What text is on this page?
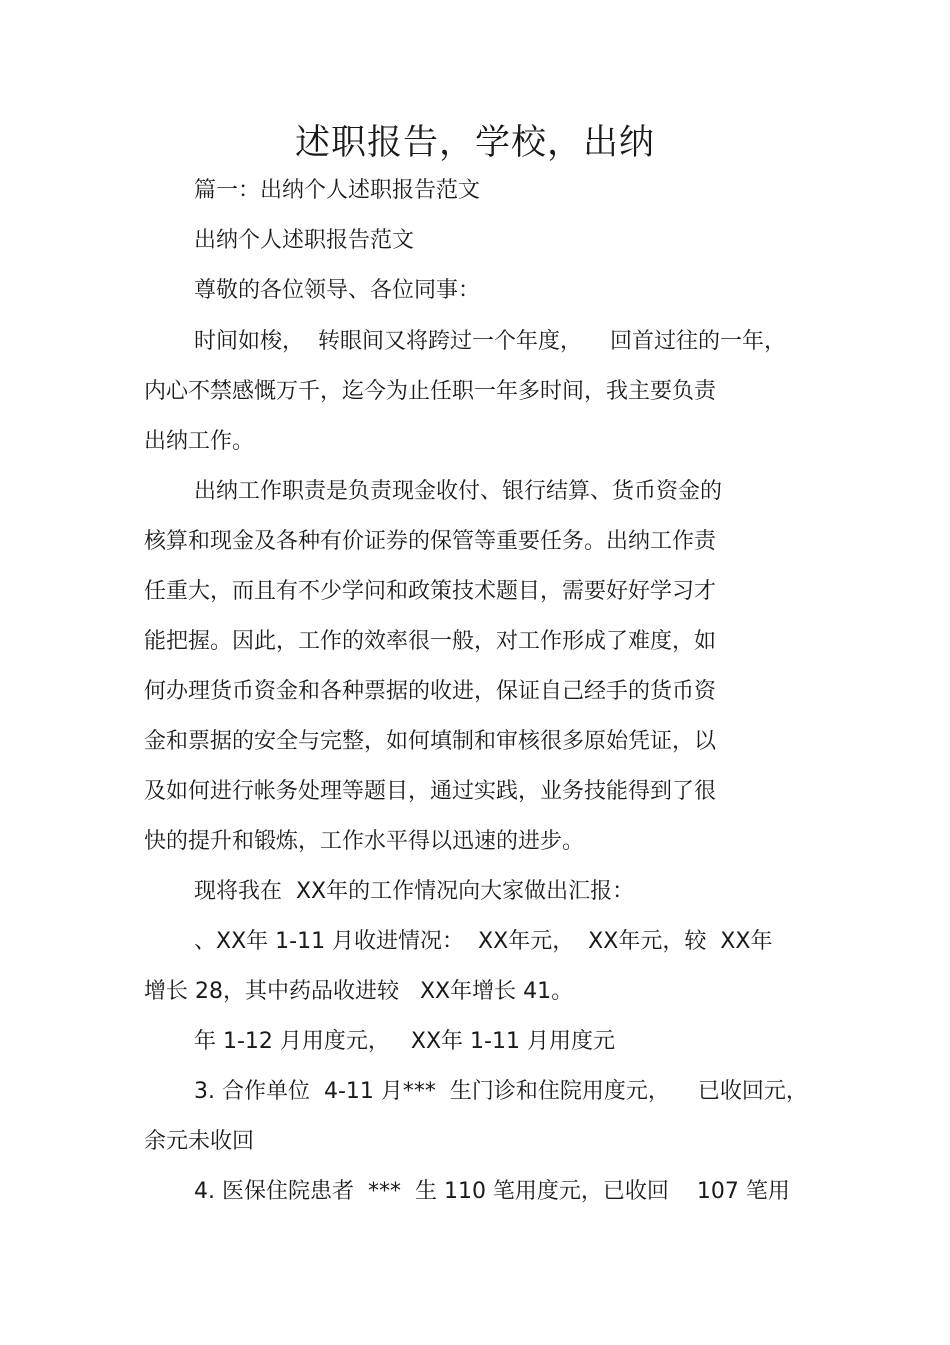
述职报告，学校，出纳

篇一：出纳个人述职报告范文

出纳个人述职报告范文

尊敬的各位领导、各位同事：

时间如梭，  转眼间又将跨过一个年度，    回首过往的一年，

内心不禁感慨万千，迄今为止任职一年多时间，我主要负责

出纳工作。

出纳工作职责是负责现金收付、银行结算、货币资金的

核算和现金及各种有价证券的保管等重要任务。出纳工作责

任重大，而且有不少学问和政策技术题目，需要好好学习才

能把握。因此，工作的效率很一般，对工作形成了难度，如

何办理货币资金和各种票据的收进，保证自己经手的货币资

金和票据的安全与完整，如何填制和审核很多原始凭证，以

及如何进行帐务处理等题目，通过实践，业务技能得到了很

快的提升和锻炼，工作水平得以迅速的进步。

现将我在  XX年的工作情况向大家做出汇报：

、XX年 1-11 月收进情况：  XX年元，  XX年元，较  XX年

增长 28，其中药品收进较   XX年增长 41。

年 1-12 月用度元，   XX年 1-11 月用度元

3. 合作单位  4-11 月***  生门诊和住院用度元，    已收回元，

余元未收回

4. 医保住院患者  ***  生 110 笔用度元，已收回    107 笔用
